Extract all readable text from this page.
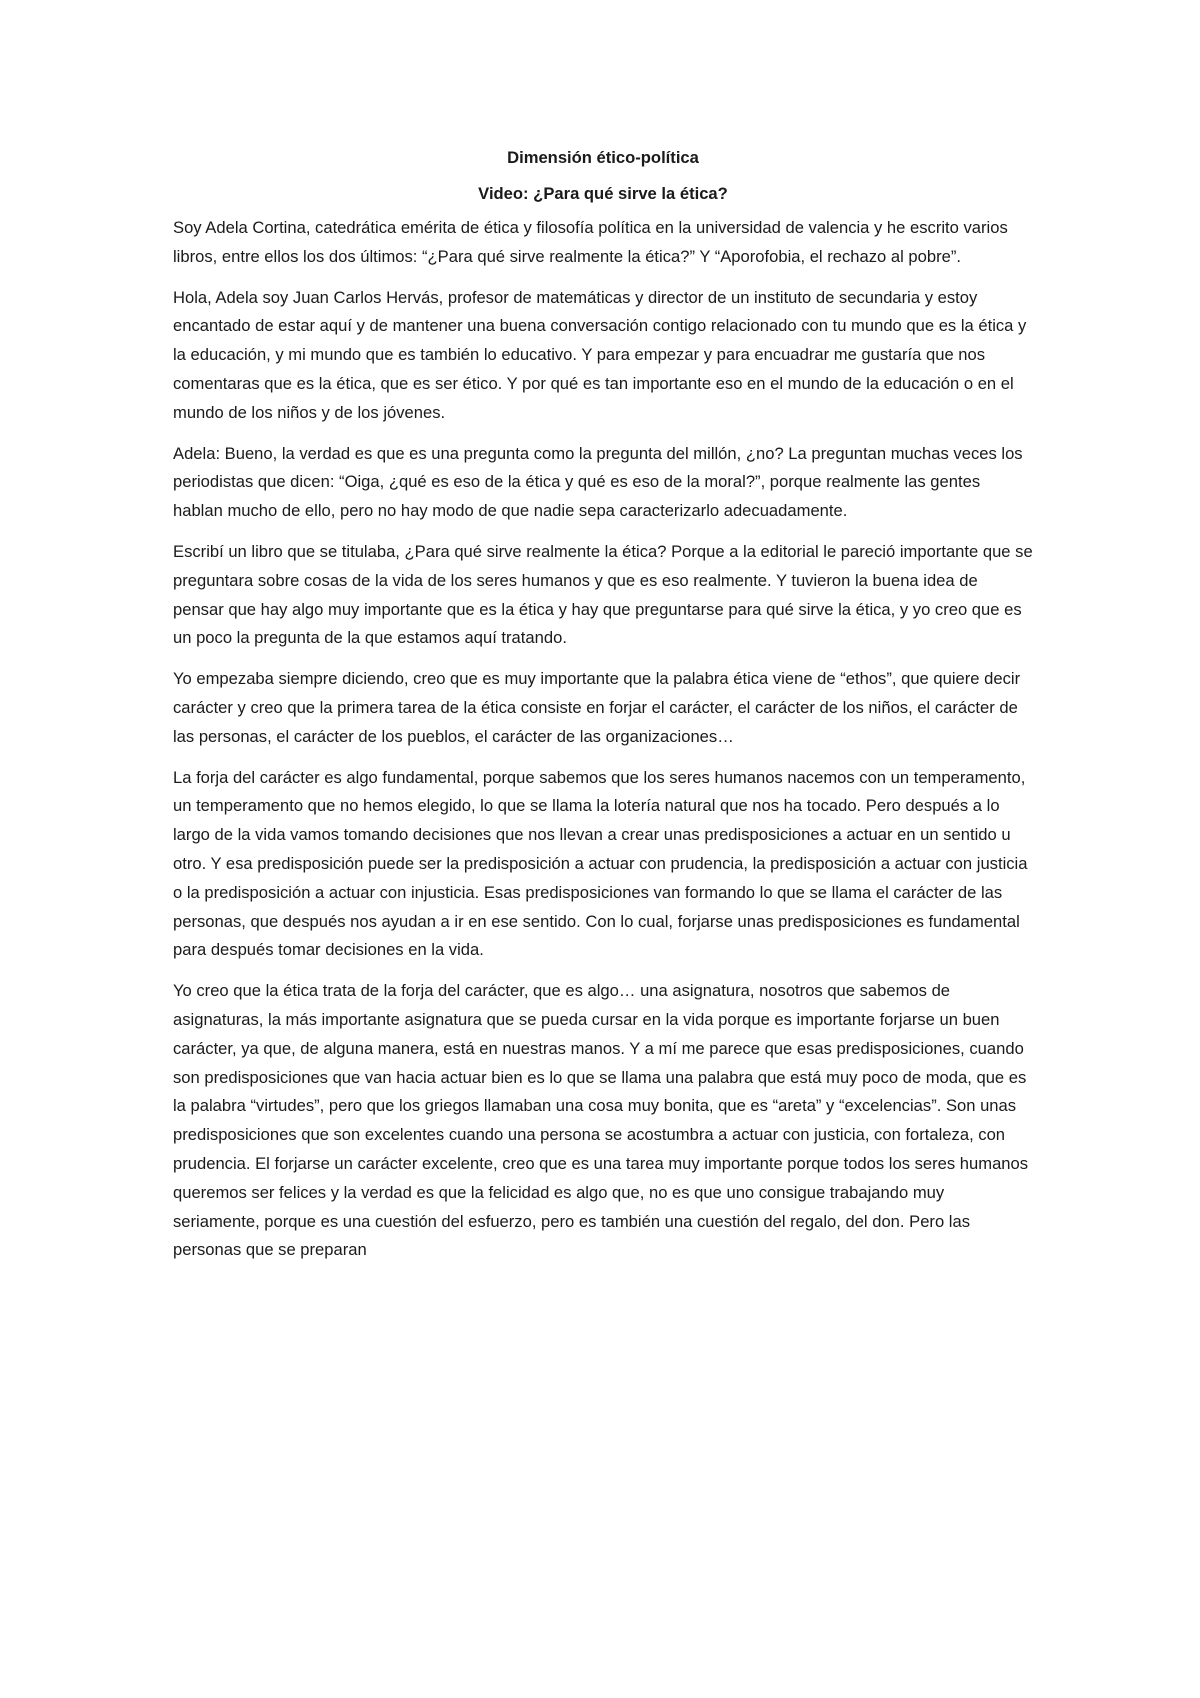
Dimensión ético-política
Video: ¿Para qué sirve la ética?

Soy Adela Cortina, catedrática emérita de ética y filosofía política en la universidad de valencia y he escrito varios libros, entre ellos los dos últimos: “¿Para qué sirve realmente la ética?” Y “Aporofobia, el rechazo al pobre”.

Hola, Adela soy Juan Carlos Hervás, profesor de matemáticas y director de un instituto de secundaria y estoy encantado de estar aquí y de mantener una buena conversación contigo relacionado con tu mundo que es la ética y la educación, y mi mundo que es también lo educativo. Y para empezar y para encuadrar me gustaría que nos comentaras que es la ética, que es ser ético. Y por qué es tan importante eso en el mundo de la educación o en el mundo de los niños y de los jóvenes.

Adela: Bueno, la verdad es que es una pregunta como la pregunta del millón, ¿no? La preguntan muchas veces los periodistas que dicen: “Oiga, ¿qué es eso de la ética y qué es eso de la moral?”, porque realmente las gentes hablan mucho de ello, pero no hay modo de que nadie sepa caracterizarlo adecuadamente.

Escribí un libro que se titulaba, ¿Para qué sirve realmente la ética? Porque a la editorial le pareció importante que se preguntara sobre cosas de la vida de los seres humanos y que es eso realmente. Y tuvieron la buena idea de pensar que hay algo muy importante que es la ética y hay que preguntarse para qué sirve la ética, y yo creo que es un poco la pregunta de la que estamos aquí tratando.

Yo empezaba siempre diciendo, creo que es muy importante que la palabra ética viene de “ethos”, que quiere decir carácter y creo que la primera tarea de la ética consiste en forjar el carácter, el carácter de los niños, el carácter de las personas, el carácter de los pueblos, el carácter de las organizaciones…

La forja del carácter es algo fundamental, porque sabemos que los seres humanos nacemos con un temperamento, un temperamento que no hemos elegido, lo que se llama la lotería natural que nos ha tocado. Pero después a lo largo de la vida vamos tomando decisiones que nos llevan a crear unas predisposiciones a actuar en un sentido u otro. Y esa predisposición puede ser la predisposición a actuar con prudencia, la predisposición a actuar con justicia o la predisposición a actuar con injusticia. Esas predisposiciones van formando lo que se llama el carácter de las personas, que después nos ayudan a ir en ese sentido. Con lo cual, forjarse unas predisposiciones es fundamental para después tomar decisiones en la vida.

Yo creo que la ética trata de la forja del carácter, que es algo… una asignatura, nosotros que sabemos de asignaturas, la más importante asignatura que se pueda cursar en la vida porque es importante forjarse un buen carácter, ya que, de alguna manera, está en nuestras manos. Y a mí me parece que esas predisposiciones, cuando son predisposiciones que van hacia actuar bien es lo que se llama una palabra que está muy poco de moda, que es la palabra “virtudes”, pero que los griegos llamaban una cosa muy bonita, que es “areta” y “excelencias”. Son unas predisposiciones que son excelentes cuando una persona se acostumbra a actuar con justicia, con fortaleza, con prudencia. El forjarse un carácter excelente, creo que es una tarea muy importante porque todos los seres humanos queremos ser felices y la verdad es que la felicidad es algo que, no es que uno consigue trabajando muy seriamente, porque es una cuestión del esfuerzo, pero es también una cuestión del regalo, del don. Pero las personas que se preparan
